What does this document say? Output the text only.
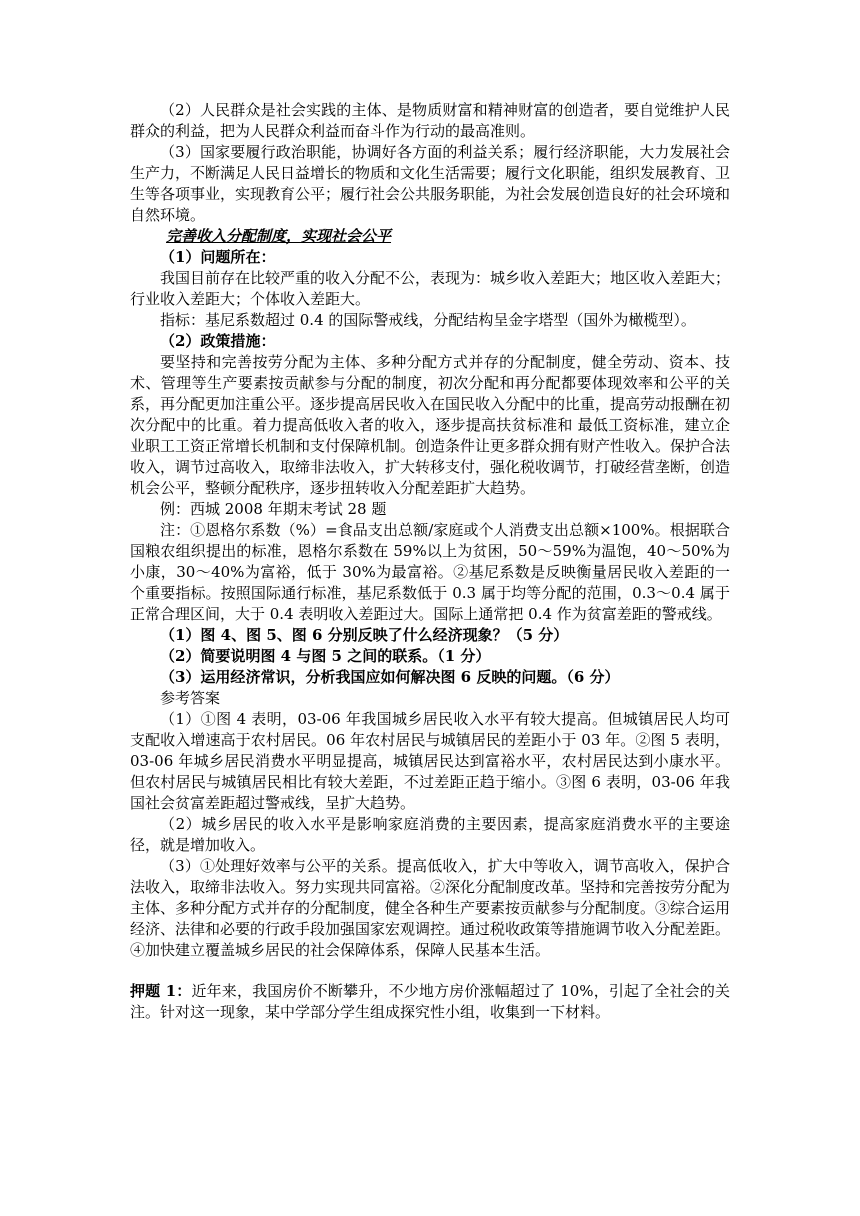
（2）人民群众是社会实践的主体、是物质财富和精神财富的创造者，要自觉维护人民群众的利益，把为人民群众利益而奋斗作为行动的最高准则。

（3）国家要履行政治职能，协调好各方面的利益关系；履行经济职能，大力发展社会生产力，不断满足人民日益增长的物质和文化生活需要；履行文化职能，组织发展教育、卫生等各项事业，实现教育公平；履行社会公共服务职能，为社会发展创造良好的社会环境和自然环境。

完善收入分配制度，实现社会公平

（1）问题所在：

我国目前存在比较严重的收入分配不公，表现为：城乡收入差距大；地区收入差距大；行业收入差距大；个体收入差距大。

指标：基尼系数超过 0.4 的国际警戒线，分配结构呈金字塔型（国外为橄榄型）。

（2）政策措施：

要坚持和完善按劳分配为主体、多种分配方式并存的分配制度，健全劳动、资本、技术、管理等生产要素按贡献参与分配的制度，初次分配和再分配都要体现效率和公平的关系，再分配更加注重公平。逐步提高居民收入在国民收入分配中的比重，提高劳动报酬在初次分配中的比重。着力提高低收入者的收入，逐步提高扶贫标准和 最低工资标准，建立企业职工工资正常增长机制和支付保障机制。创造条件让更多群众拥有财产性收入。保护合法收入，调节过高收入，取缔非法收入，扩大转移支付，强化税收调节，打破经营垄断，创造机会公平，整顿分配秩序，逐步扭转收入分配差距扩大趋势。

例：西城 2008 年期末考试 28 题

注：①恩格尔系数（%）=食品支出总额/家庭或个人消费支出总额×100%。根据联合国粮农组织提出的标准，恩格尔系数在 59%以上为贫困，50～59%为温饱，40～50%为小康，30～40%为富裕，低于 30%为最富裕。②基尼系数是反映衡量居民收入差距的一个重要指标。按照国际通行标准，基尼系数低于 0.3 属于均等分配的范围，0.3～0.4 属于正常合理区间，大于 0.4 表明收入差距过大。国际上通常把 0.4 作为贫富差距的警戒线。

（1）图 4、图 5、图 6 分别反映了什么经济现象？（5 分）

（2）简要说明图 4 与图 5 之间的联系。（1 分）

（3）运用经济常识，分析我国应如何解决图 6 反映的问题。（6 分）

参考答案

（1）①图 4 表明，03-06 年我国城乡居民收入水平有较大提高。但城镇居民人均可支配收入增速高于农村居民。06 年农村居民与城镇居民的差距小于 03 年。②图 5 表明，03-06 年城乡居民消费水平明显提高，城镇居民达到富裕水平，农村居民达到小康水平。但农村居民与城镇居民相比有较大差距，不过差距正趋于缩小。③图 6 表明，03-06 年我国社会贫富差距超过警戒线，呈扩大趋势。

（2）城乡居民的收入水平是影响家庭消费的主要因素，提高家庭消费水平的主要途径，就是增加收入。

（3）①处理好效率与公平的关系。提高低收入，扩大中等收入，调节高收入，保护合法收入，取缔非法收入。努力实现共同富裕。②深化分配制度改革。坚持和完善按劳分配为主体、多种分配方式并存的分配制度，健全各种生产要素按贡献参与分配制度。③综合运用经济、法律和必要的行政手段加强国家宏观调控。通过税收政策等措施调节收入分配差距。④加快建立覆盖城乡居民的社会保障体系，保障人民基本生活。

押题 1：近年来，我国房价不断攀升，不少地方房价涨幅超过了 10%，引起了全社会的关注。针对这一现象，某中学部分学生组成探究性小组，收集到一下材料。
